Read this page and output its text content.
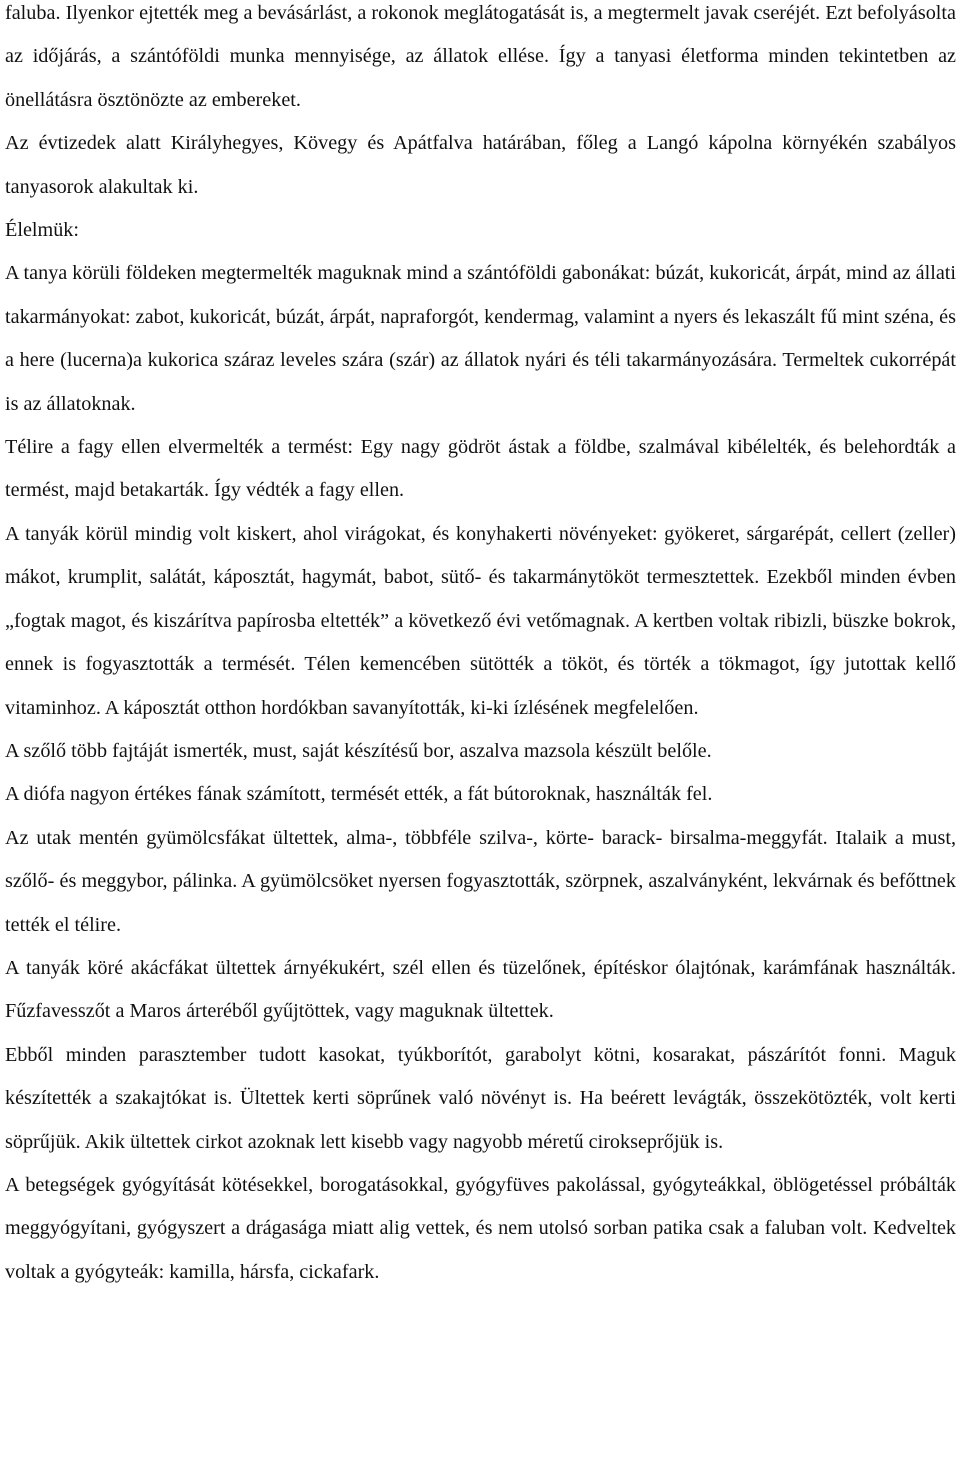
faluba. Ilyenkor ejtették meg a bevásárlást, a rokonok meglátogatását is, a megtermelt javak cseréjét. Ezt befolyásolta az időjárás, a szántóföldi munka mennyisége, az állatok ellése. Így a tanyasi életforma minden tekintetben az önellátásra ösztönözte az embereket.

Az évtizedek alatt Királyhegyes, Kövegy és Apátfalva határában, főleg a Langó kápolna környékén szabályos tanyasorok alakultak ki.

Élelmük:

A tanya körüli földeken megtermelték maguknak mind a szántóföldi gabonákat: búzát, kukoricát, árpát, mind az állati takarmányokat: zabot, kukoricát, búzát, árpát, napraforgót, kendermag, valamint a nyers és lekaszált fű mint széna, és a here (lucerna)a kukorica száraz leveles szára (szár) az állatok nyári és téli takarmányozására. Termeltek cukorrépát is az állatoknak.

Télire a fagy ellen elvermelték a termést: Egy nagy gödröt ástak a földbe, szalmával kibélelték, és belehordták a termést, majd betakarták. Így védték a fagy ellen.

A tanyák körül mindig volt kiskert, ahol virágokat, és konyhakerti növényeket: gyökeret, sárgarépát, cellert (zeller) mákot, krumplit, salátát, káposztát, hagymát, babot, sütő- és takarmánytököt termesztettek. Ezekből minden évben „fogtak magot, és kiszárítva papírosba eltették” a következő évi vetőmagnak. A kertben voltak ribizli, büszke bokrok, ennek is fogyasztották a termését. Télen kemencében sütötték a tököt, és törték a tökmagot, így jutottak kellő vitaminhoz. A káposztát otthon hordókban savanyították, ki-ki ízlésének megfelelően.

A szőlő több fajtáját ismerték, must, saját készítésű bor, aszalva mazsola készült belőle.

A diófa nagyon értékes fának számított, termését ették, a fát bútoroknak, használták fel.

Az utak mentén gyümölcsfákat ültettek, alma-, többféle szilva-, körte- barack- birsalma-meggyfát. Italaik a must, szőlő- és meggybor, pálinka. A gyümölcsöket nyersen fogyasztották, szörpnek, aszalványként, lekvárnak és befőttnek tették el télire.

A tanyák köré akácfákat ültettek árnyékukért, szél ellen és tüzelőnek, építéskor ólajtónak, karámfának használták. Fűzfavesszőt a Maros árteréből gyűjtöttek, vagy maguknak ültettek.

Ebből minden parasztember tudott kasokat, tyúkborítót, garabolyt kötni, kosarakat, pászárítót fonni. Maguk készítették a szakajtókat is. Ültettek kerti söprűnek való növényt is. Ha beérett levágták, összekötözték, volt kerti söprűjük. Akik ültettek cirkot azoknak lett kisebb vagy nagyobb méretű cirokseprőjük is.

A betegségek gyógyítását kötésekkel, borogatásokkal, gyógyfüves pakolással, gyógyteákkal, öblögetéssel próbálták meggyógyítani, gyógyszert a drágasága miatt alig vettek, és nem utolsó sorban patika csak a faluban volt. Kedveltek voltak a gyógyteák: kamilla, hársfa, cickafark.
